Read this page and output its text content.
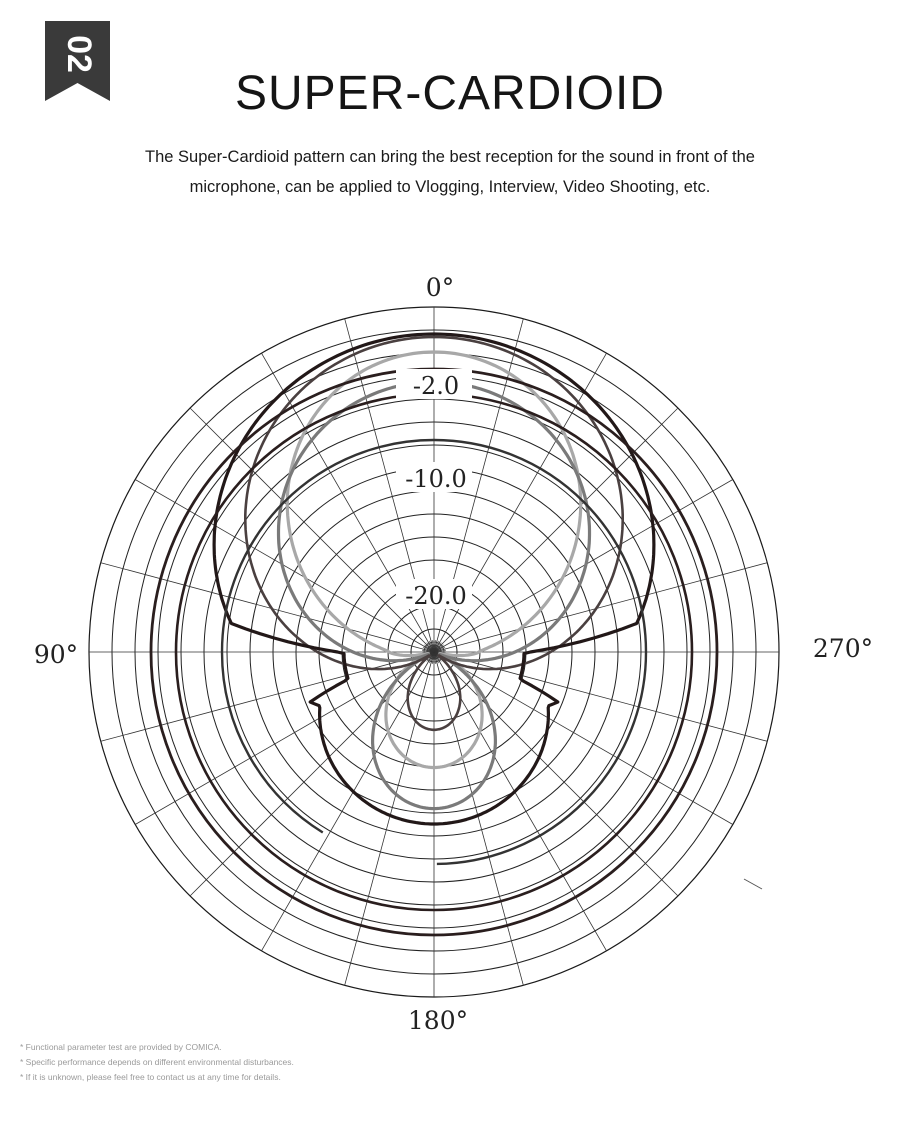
02
SUPER-CARDIOID
The Super-Cardioid pattern can bring the best reception for the sound in front of the
microphone, can be applied to Vlogging, Interview, Video Shooting, etc.
-2.0
-10.0
-20.0
0°
90°	270°
180°
* Functional parameter test are provided by COMICA.
* Specific performance depends on different environmental disturbances.
* If it is unknown, please feel free to contact us at any time for details.
